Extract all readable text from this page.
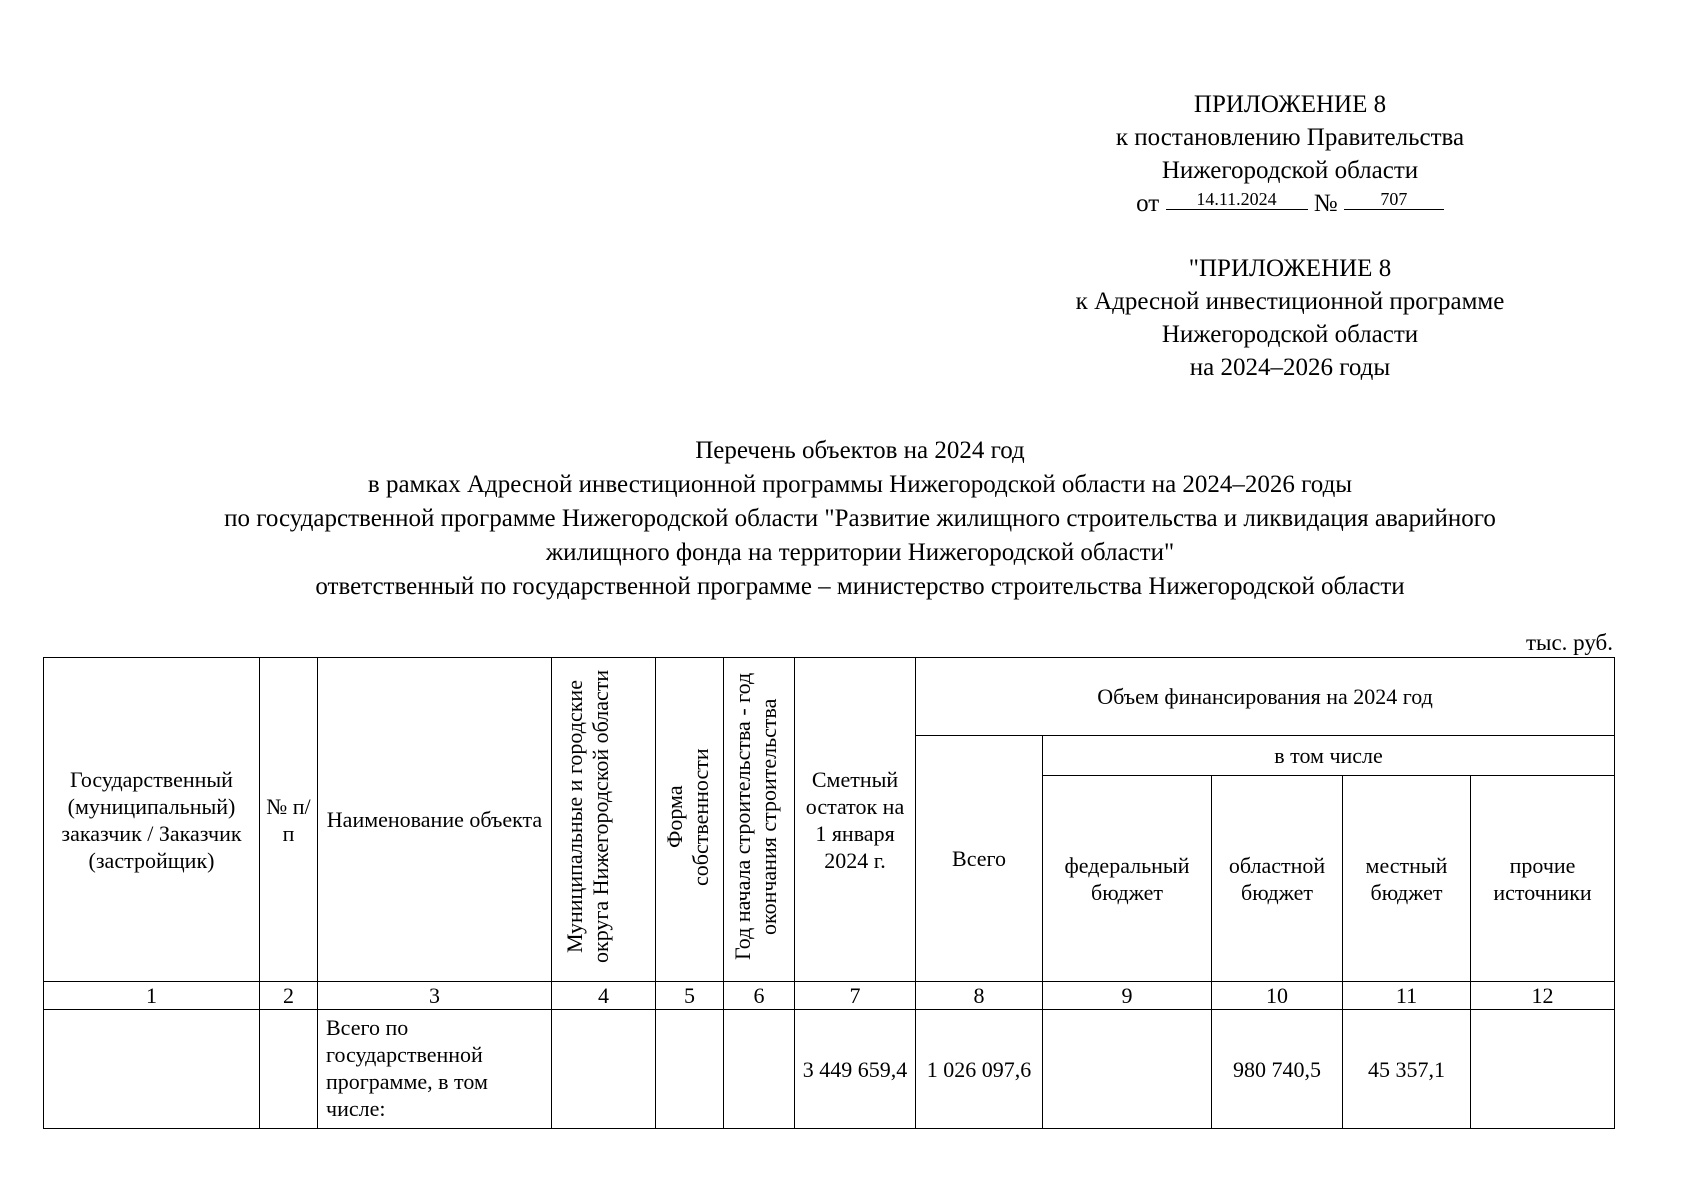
ПРИЛОЖЕНИЕ 8
к постановлению Правительства
Нижегородской области
от 14.11.2024 № 707
"ПРИЛОЖЕНИЕ 8
к Адресной инвестиционной программе
Нижегородской области
на 2024–2026 годы
Перечень объектов на 2024 год
в рамках Адресной инвестиционной программы Нижегородской области на 2024–2026 годы
по государственной программе Нижегородской области "Развитие жилищного строительства и ликвидация аварийного
жилищного фонда на территории Нижегородской области"
ответственный по государственной программе – министерство строительства Нижегородской области
тыс. руб.
Государственный (муниципальный) заказчик / Заказчик (застройщик)	№ п/п	Наименование объекта	Муниципальные и городские округа Нижегородской области	Форма собственности	Год начала строительства - год окончания строительства	Сметный остаток на 1 января 2024 г.	Объем финансирования на 2024 год				
							Всего	в том числе			
								федеральный бюджет	областной бюджет	местный бюджет	прочие источники
1	2	3	4	5	6	7	8	9	10	11	12
		Всего по государственной программе, в том числе:				3 449 659,4	1 026 097,6		980 740,5	45 357,1	
